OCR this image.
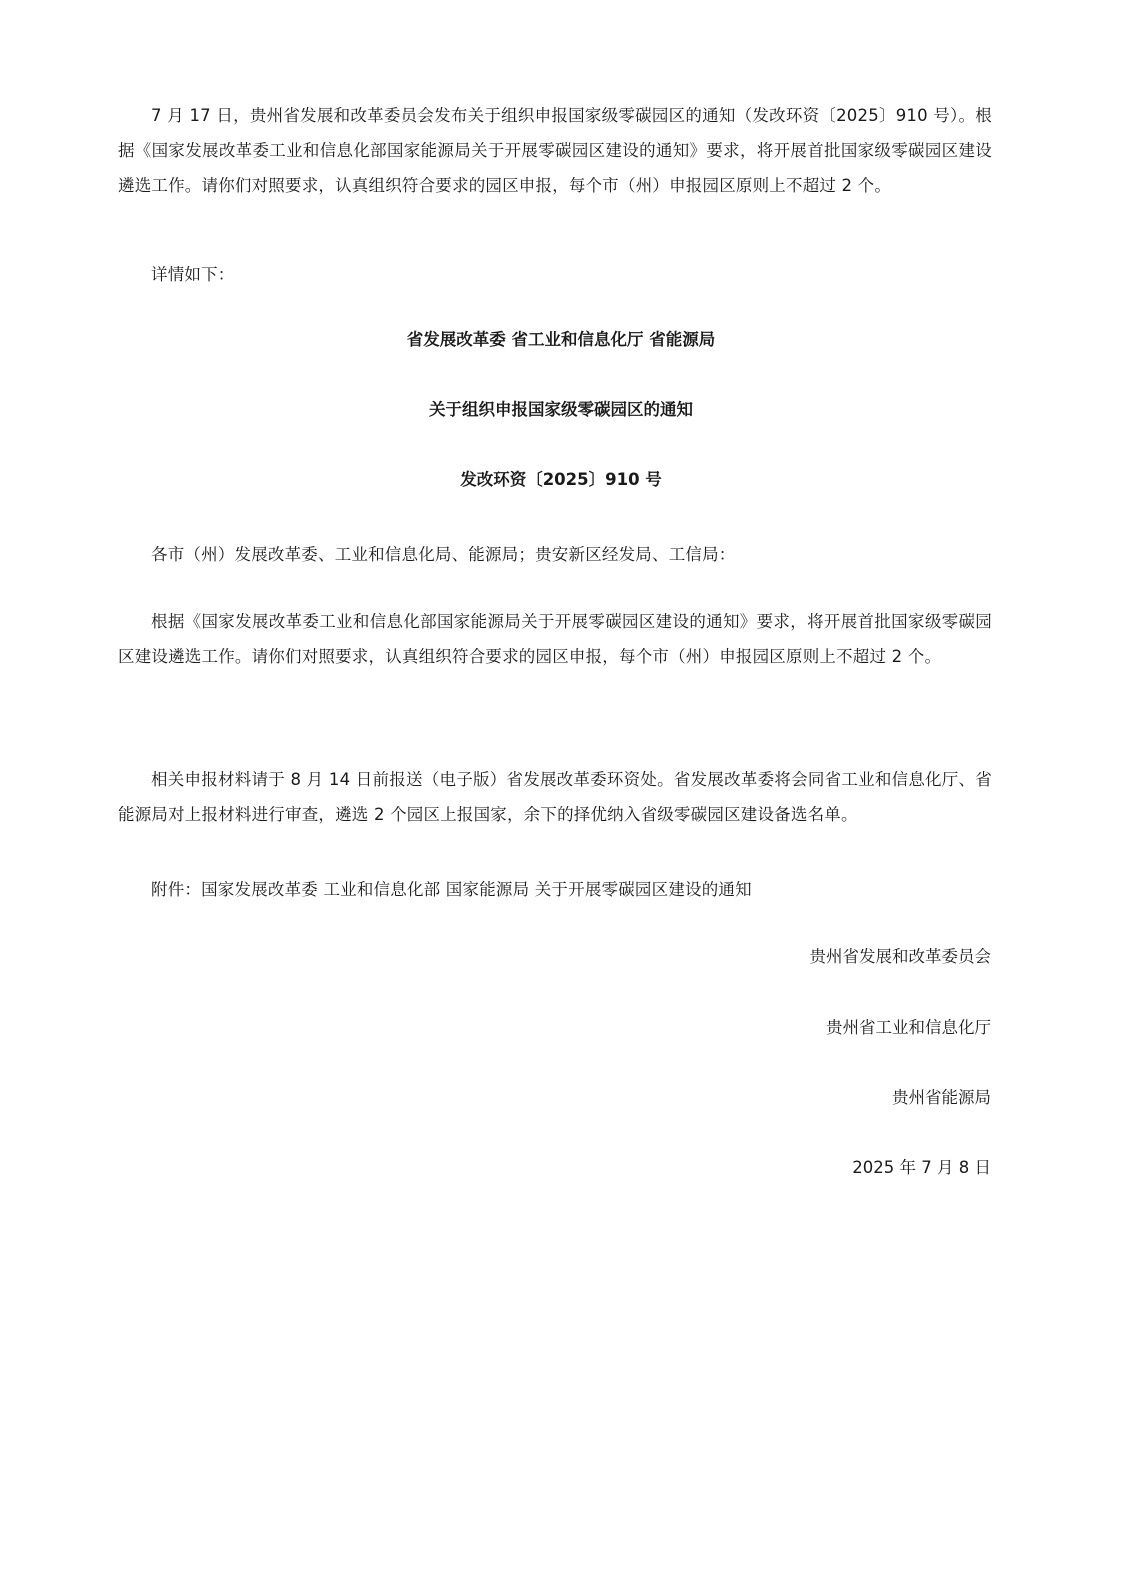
7 月 17 日，贵州省发展和改革委员会发布关于组织申报国家级零碳园区的通知（发改环资〔2025〕910 号）。根据《国家发展改革委工业和信息化部国家能源局关于开展零碳园区建设的通知》要求，将开展首批国家级零碳园区建设遴选工作。请你们对照要求，认真组织符合要求的园区申报，每个市（州）申报园区原则上不超过 2 个。

详情如下：

省发展改革委 省工业和信息化厅 省能源局
关于组织申报国家级零碳园区的通知
发改环资〔2025〕910 号

各市（州）发展改革委、工业和信息化局、能源局；贵安新区经发局、工信局：

根据《国家发展改革委工业和信息化部国家能源局关于开展零碳园区建设的通知》要求，将开展首批国家级零碳园区建设遴选工作。请你们对照要求，认真组织符合要求的园区申报，每个市（州）申报园区原则上不超过 2 个。

相关申报材料请于 8 月 14 日前报送（电子版）省发展改革委环资处。省发展改革委将会同省工业和信息化厅、省能源局对上报材料进行审查，遴选 2 个园区上报国家，余下的择优纳入省级零碳园区建设备选名单。

附件：国家发展改革委 工业和信息化部 国家能源局 关于开展零碳园区建设的通知

贵州省发展和改革委员会

贵州省工业和信息化厅

贵州省能源局

2025 年 7 月 8 日
